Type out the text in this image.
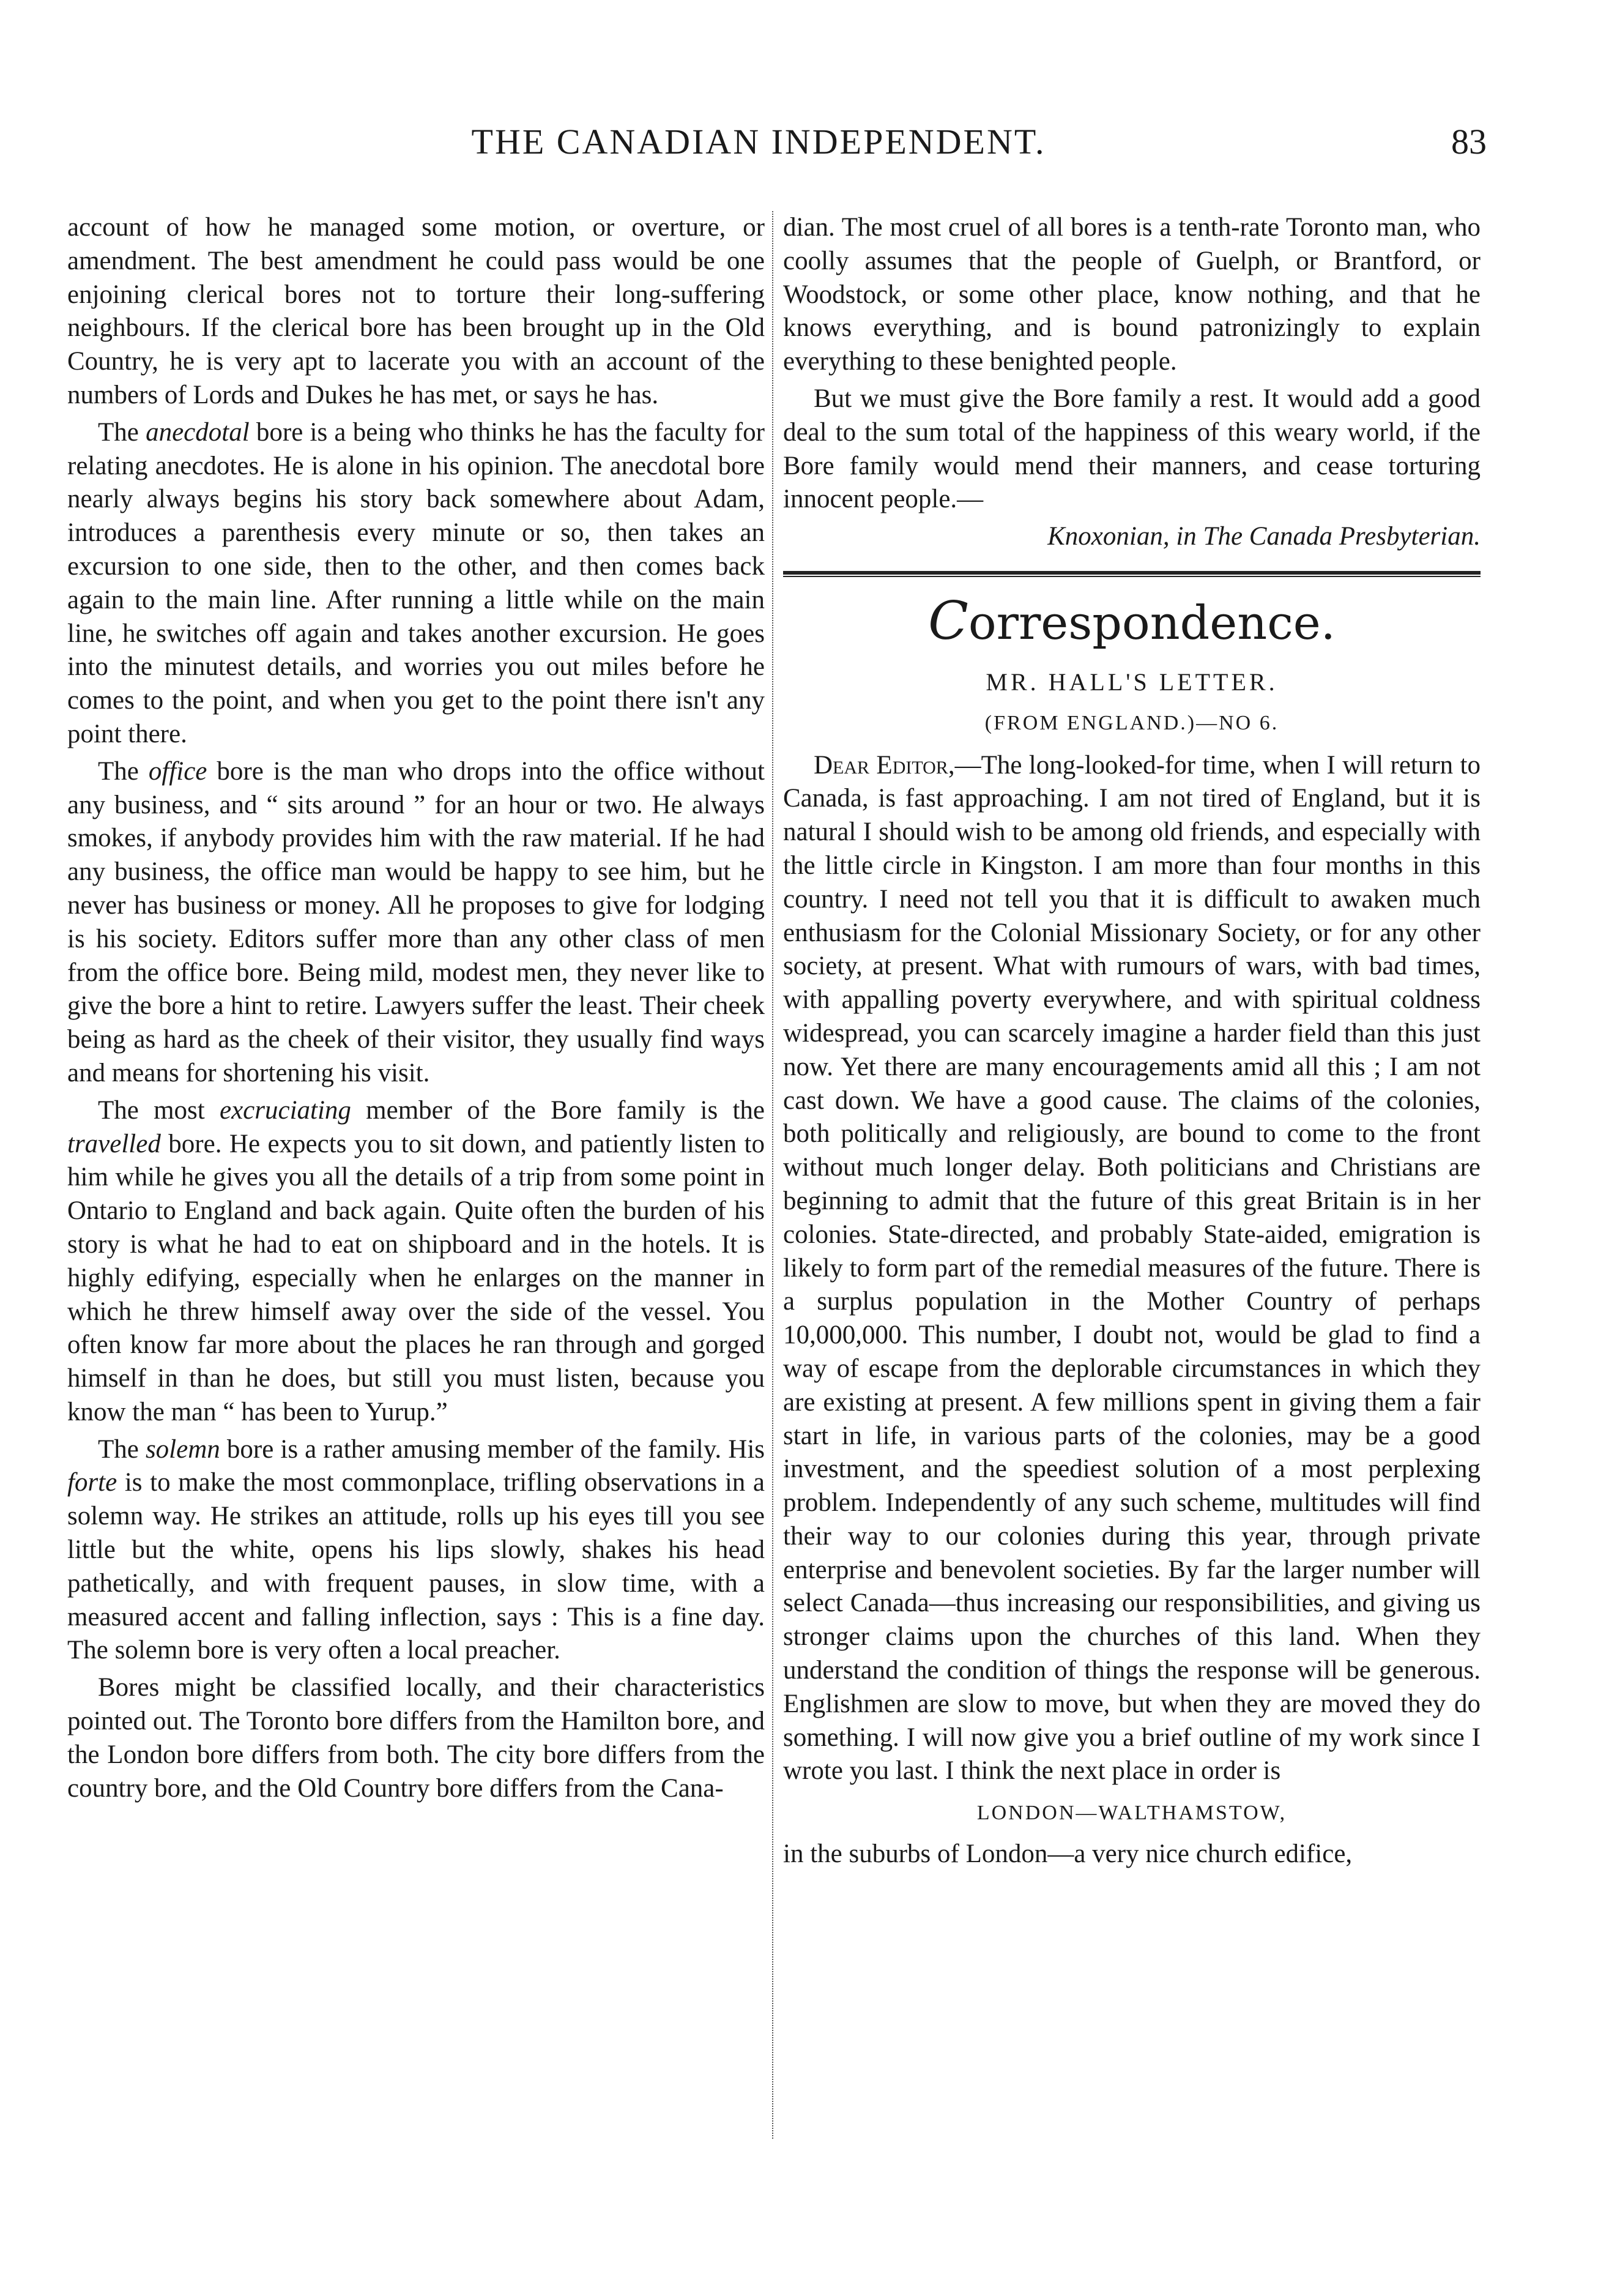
THE CANADIAN INDEPENDENT.	83

account of how he managed some motion, or overture, or amendment. The best amendment he could pass would be one enjoining clerical bores not to torture their long-suffering neighbours. If the clerical bore has been brought up in the Old Country, he is very apt to lacerate you with an account of the numbers of Lords and Dukes he has met, or says he has.

The anecdotal bore is a being who thinks he has the faculty for relating anecdotes. He is alone in his opinion. The anecdotal bore nearly always begins his story back somewhere about Adam, introduces a parenthesis every minute or so, then takes an excursion to one side, then to the other, and then comes back again to the main line. After running a little while on the main line, he switches off again and takes another excursion. He goes into the minutest details, and worries you out miles before he comes to the point, and when you get to the point there isn't any point there.

The office bore is the man who drops into the office without any business, and “ sits around ” for an hour or two. He always smokes, if anybody provides him with the raw material. If he had any business, the office man would be happy to see him, but he never has business or money. All he proposes to give for lodging is his society. Editors suffer more than any other class of men from the office bore. Being mild, modest men, they never like to give the bore a hint to retire. Lawyers suffer the least. Their cheek being as hard as the cheek of their visitor, they usually find ways and means for shortening his visit.

The most excruciating member of the Bore family is the travelled bore. He expects you to sit down, and patiently listen to him while he gives you all the details of a trip from some point in Ontario to England and back again. Quite often the burden of his story is what he had to eat on shipboard and in the hotels. It is highly edifying, especially when he enlarges on the manner in which he threw himself away over the side of the vessel. You often know far more about the places he ran through and gorged himself in than he does, but still you must listen, because you know the man “ has been to Yurup.”

The solemn bore is a rather amusing member of the family. His forte is to make the most commonplace, trifling observations in a solemn way. He strikes an attitude, rolls up his eyes till you see little but the white, opens his lips slowly, shakes his head pathetically, and with frequent pauses, in slow time, with a measured accent and falling inflection, says : This is a fine day. The solemn bore is very often a local preacher.

Bores might be classified locally, and their characteristics pointed out. The Toronto bore differs from the Hamilton bore, and the London bore differs from both. The city bore differs from the country bore, and the Old Country bore differs from the Cana-

dian. The most cruel of all bores is a tenth-rate Toronto man, who coolly assumes that the people of Guelph, or Brantford, or Woodstock, or some other place, know nothing, and that he knows everything, and is bound patronizingly to explain everything to these benighted people.

But we must give the Bore family a rest. It would add a good deal to the sum total of the happiness of this weary world, if the Bore family would mend their manners, and cease torturing innocent people.—

Knoxonian, in The Canada Presbyterian.

Correspondence.
MR. HALL'S LETTER.
(FROM ENGLAND.)—NO 6.

Dear Editor,—The long-looked-for time, when I will return to Canada, is fast approaching. I am not tired of England, but it is natural I should wish to be among old friends, and especially with the little circle in Kingston. I am more than four months in this country. I need not tell you that it is difficult to awaken much enthusiasm for the Colonial Missionary Society, or for any other society, at present. What with rumours of wars, with bad times, with appalling poverty everywhere, and with spiritual coldness widespread, you can scarcely imagine a harder field than this just now. Yet there are many encouragements amid all this ; I am not cast down. We have a good cause. The claims of the colonies, both politically and religiously, are bound to come to the front without much longer delay. Both politicians and Christians are beginning to admit that the future of this great Britain is in her colonies. State-directed, and probably State-aided, emigration is likely to form part of the remedial measures of the future. There is a surplus population in the Mother Country of perhaps 10,000,000. This number, I doubt not, would be glad to find a way of escape from the deplorable circumstances in which they are existing at present. A few millions spent in giving them a fair start in life, in various parts of the colonies, may be a good investment, and the speediest solution of a most perplexing problem. Independently of any such scheme, multitudes will find their way to our colonies during this year, through private enterprise and benevolent societies. By far the larger number will select Canada—thus increasing our responsibilities, and giving us stronger claims upon the churches of this land. When they understand the condition of things the response will be generous. Englishmen are slow to move, but when they are moved they do something. I will now give you a brief outline of my work since I wrote you last. I think the next place in order is

LONDON—WALTHAMSTOW,

in the suburbs of London—a very nice church edifice,
